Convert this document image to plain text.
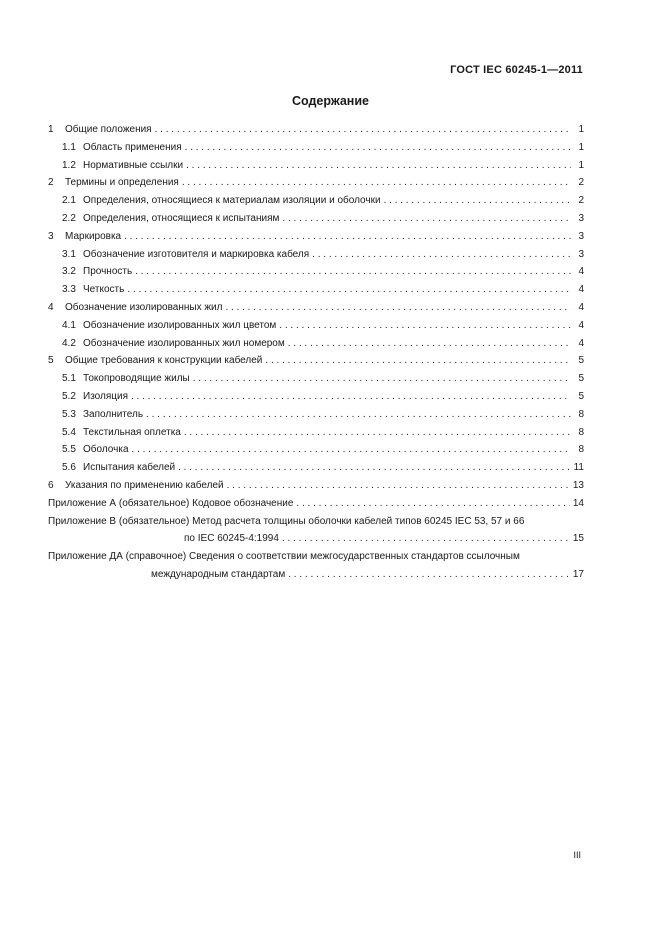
ГОСТ IEC 60245-1—2011
Содержание
1	Общие положения . . .	1
1.1 Область применения . . .	1
1.2 Нормативные ссылки . . .	1
2	Термины и определения . . .	2
2.1 Определения, относящиеся к материалам изоляции и оболочки . . .	2
2.2 Определения, относящиеся к испытаниям . . .	3
3	Маркировка . . .	3
3.1 Обозначение изготовителя и маркировка кабеля . . .	3
3.2 Прочность . . .	4
3.3 Четкость . . .	4
4	Обозначение изолированных жил . . .	4
4.1 Обозначение изолированных жил цветом . . .	4
4.2 Обозначение изолированных жил номером . . .	4
5	Общие требования к конструкции кабелей . . .	5
5.1 Токопроводящие жилы . . .	5
5.2 Изоляция . . .	5
5.3 Заполнитель . . .	8
5.4 Текстильная оплетка . . .	8
5.5 Оболочка . . .	8
5.6 Испытания кабелей . . .	11
6	Указания по применению кабелей . . .	13
Приложение А (обязательное) Кодовое обозначение . . .	14
Приложение В (обязательное) Метод расчета толщины оболочки кабелей типов 60245 IEC 53, 57 и 66
по IEC 60245-4:1994 . . .	15
Приложение ДА (справочное) Сведения о соответствии межгосударственных стандартов ссылочным
международным стандартам . . .	17
III
